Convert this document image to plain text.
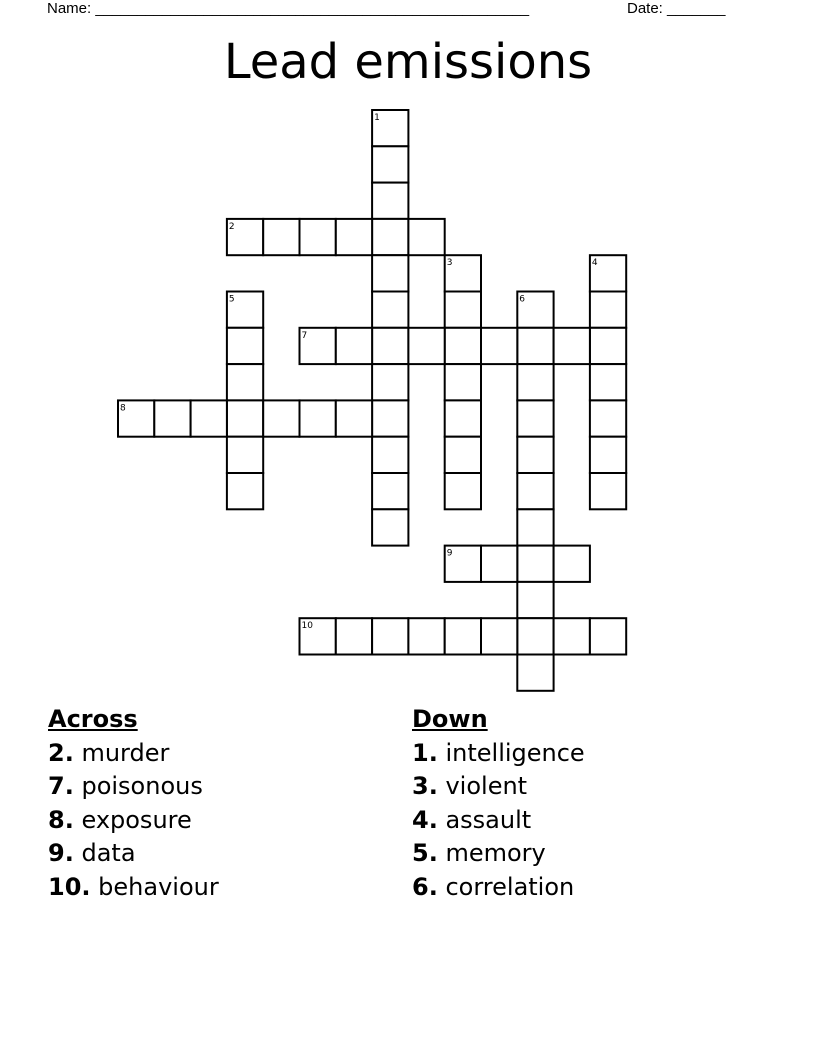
Name: ____________________________________________________	Date: _______
Lead emissions
1
2
3	4
5	6
7
8
9
10
Across
2. murder
7. poisonous
8. exposure
9. data
10. behaviour
Down
1. intelligence
3. violent
4. assault
5. memory
6. correlation
